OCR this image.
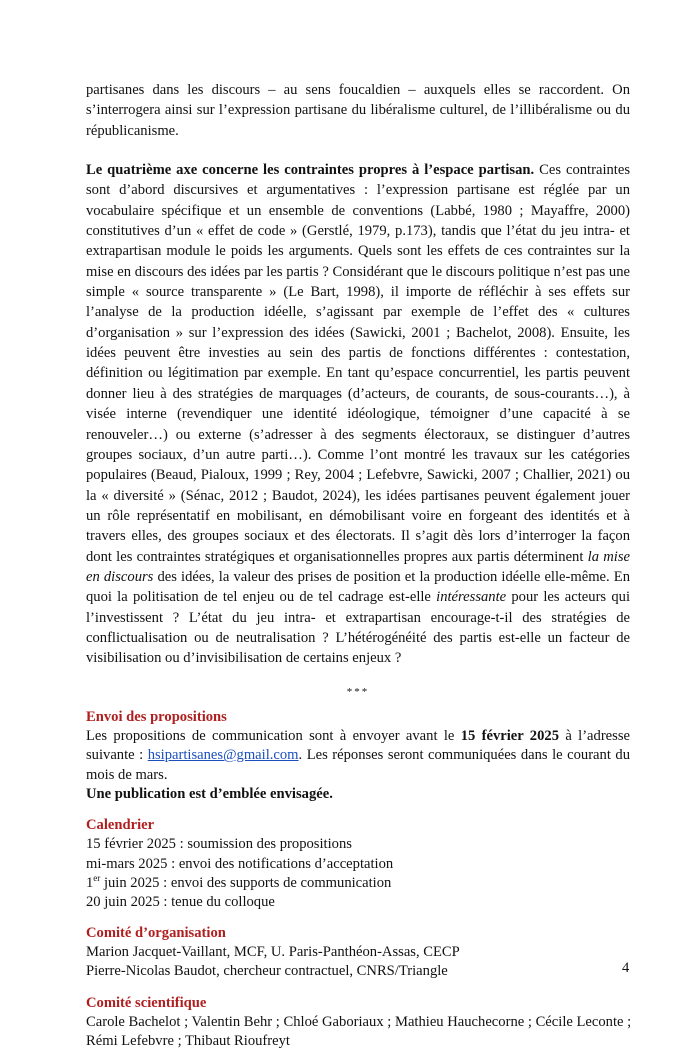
partisanes dans les discours – au sens foucaldien – auxquels elles se raccordent. On s’interrogera ainsi sur l’expression partisane du libéralisme culturel, de l’illibéralisme ou du républicanisme.

Le quatrième axe concerne les contraintes propres à l’espace partisan. Ces contraintes sont d’abord discursives et argumentatives : l’expression partisane est réglée par un vocabulaire spécifique et un ensemble de conventions (Labbé, 1980 ; Mayaffre, 2000) constitutives d’un « effet de code » (Gerstlé, 1979, p.173), tandis que l’état du jeu intra- et extrapartisan module le poids les arguments. Quels sont les effets de ces contraintes sur la mise en discours des idées par les partis ? Considérant que le discours politique n’est pas une simple « source transparente » (Le Bart, 1998), il importe de réfléchir à ses effets sur l’analyse de la production idéelle, s’agissant par exemple de l’effet des « cultures d’organisation » sur l’expression des idées (Sawicki, 2001 ; Bachelot, 2008). Ensuite, les idées peuvent être investies au sein des partis de fonctions différentes : contestation, définition ou légitimation par exemple. En tant qu’espace concurrentiel, les partis peuvent donner lieu à des stratégies de marquages (d’acteurs, de courants, de sous-courants…), à visée interne (revendiquer une identité idéologique, témoigner d’une capacité à se renouveler…) ou externe (s’adresser à des segments électoraux, se distinguer d’autres groupes sociaux, d’un autre parti…). Comme l’ont montré les travaux sur les catégories populaires (Beaud, Pialoux, 1999 ; Rey, 2004 ; Lefebvre, Sawicki, 2007 ; Challier, 2021) ou la « diversité » (Sénac, 2012 ; Baudot, 2024), les idées partisanes peuvent également jouer un rôle représentatif en mobilisant, en démobilisant voire en forgeant des identités et à travers elles, des groupes sociaux et des électorats. Il s’agit dès lors d’interroger la façon dont les contraintes stratégiques et organisationnelles propres aux partis déterminent la mise en discours des idées, la valeur des prises de position et la production idéelle elle-même. En quoi la politisation de tel enjeu ou de tel cadrage est-elle intéressante pour les acteurs qui l’investissent ? L’état du jeu intra- et extrapartisan encourage-t-il des stratégies de conflictualisation ou de neutralisation ? L’hétérogénéité des partis est-elle un facteur de visibilisation ou d’invisibilisation de certains enjeux ?

***

Envoi des propositions

Les propositions de communication sont à envoyer avant le 15 février 2025 à l’adresse suivante : hsipartisanes@gmail.com. Les réponses seront communiquées dans le courant du mois de mars.

Une publication est d’emblée envisagée.

Calendrier

15 février 2025 : soumission des propositions

mi-mars 2025 : envoi des notifications d’acceptation

1er juin 2025 : envoi des supports de communication

20 juin 2025 : tenue du colloque

Comité d’organisation

Marion Jacquet-Vaillant, MCF, U. Paris-Panthéon-Assas, CECP

Pierre-Nicolas Baudot, chercheur contractuel, CNRS/Triangle

Comité scientifique

Carole Bachelot ; Valentin Behr ; Chloé Gaboriaux ; Mathieu Hauchecorne ; Cécile Leconte ;

Rémi Lefebvre ; Thibaut Rioufreyt

4
